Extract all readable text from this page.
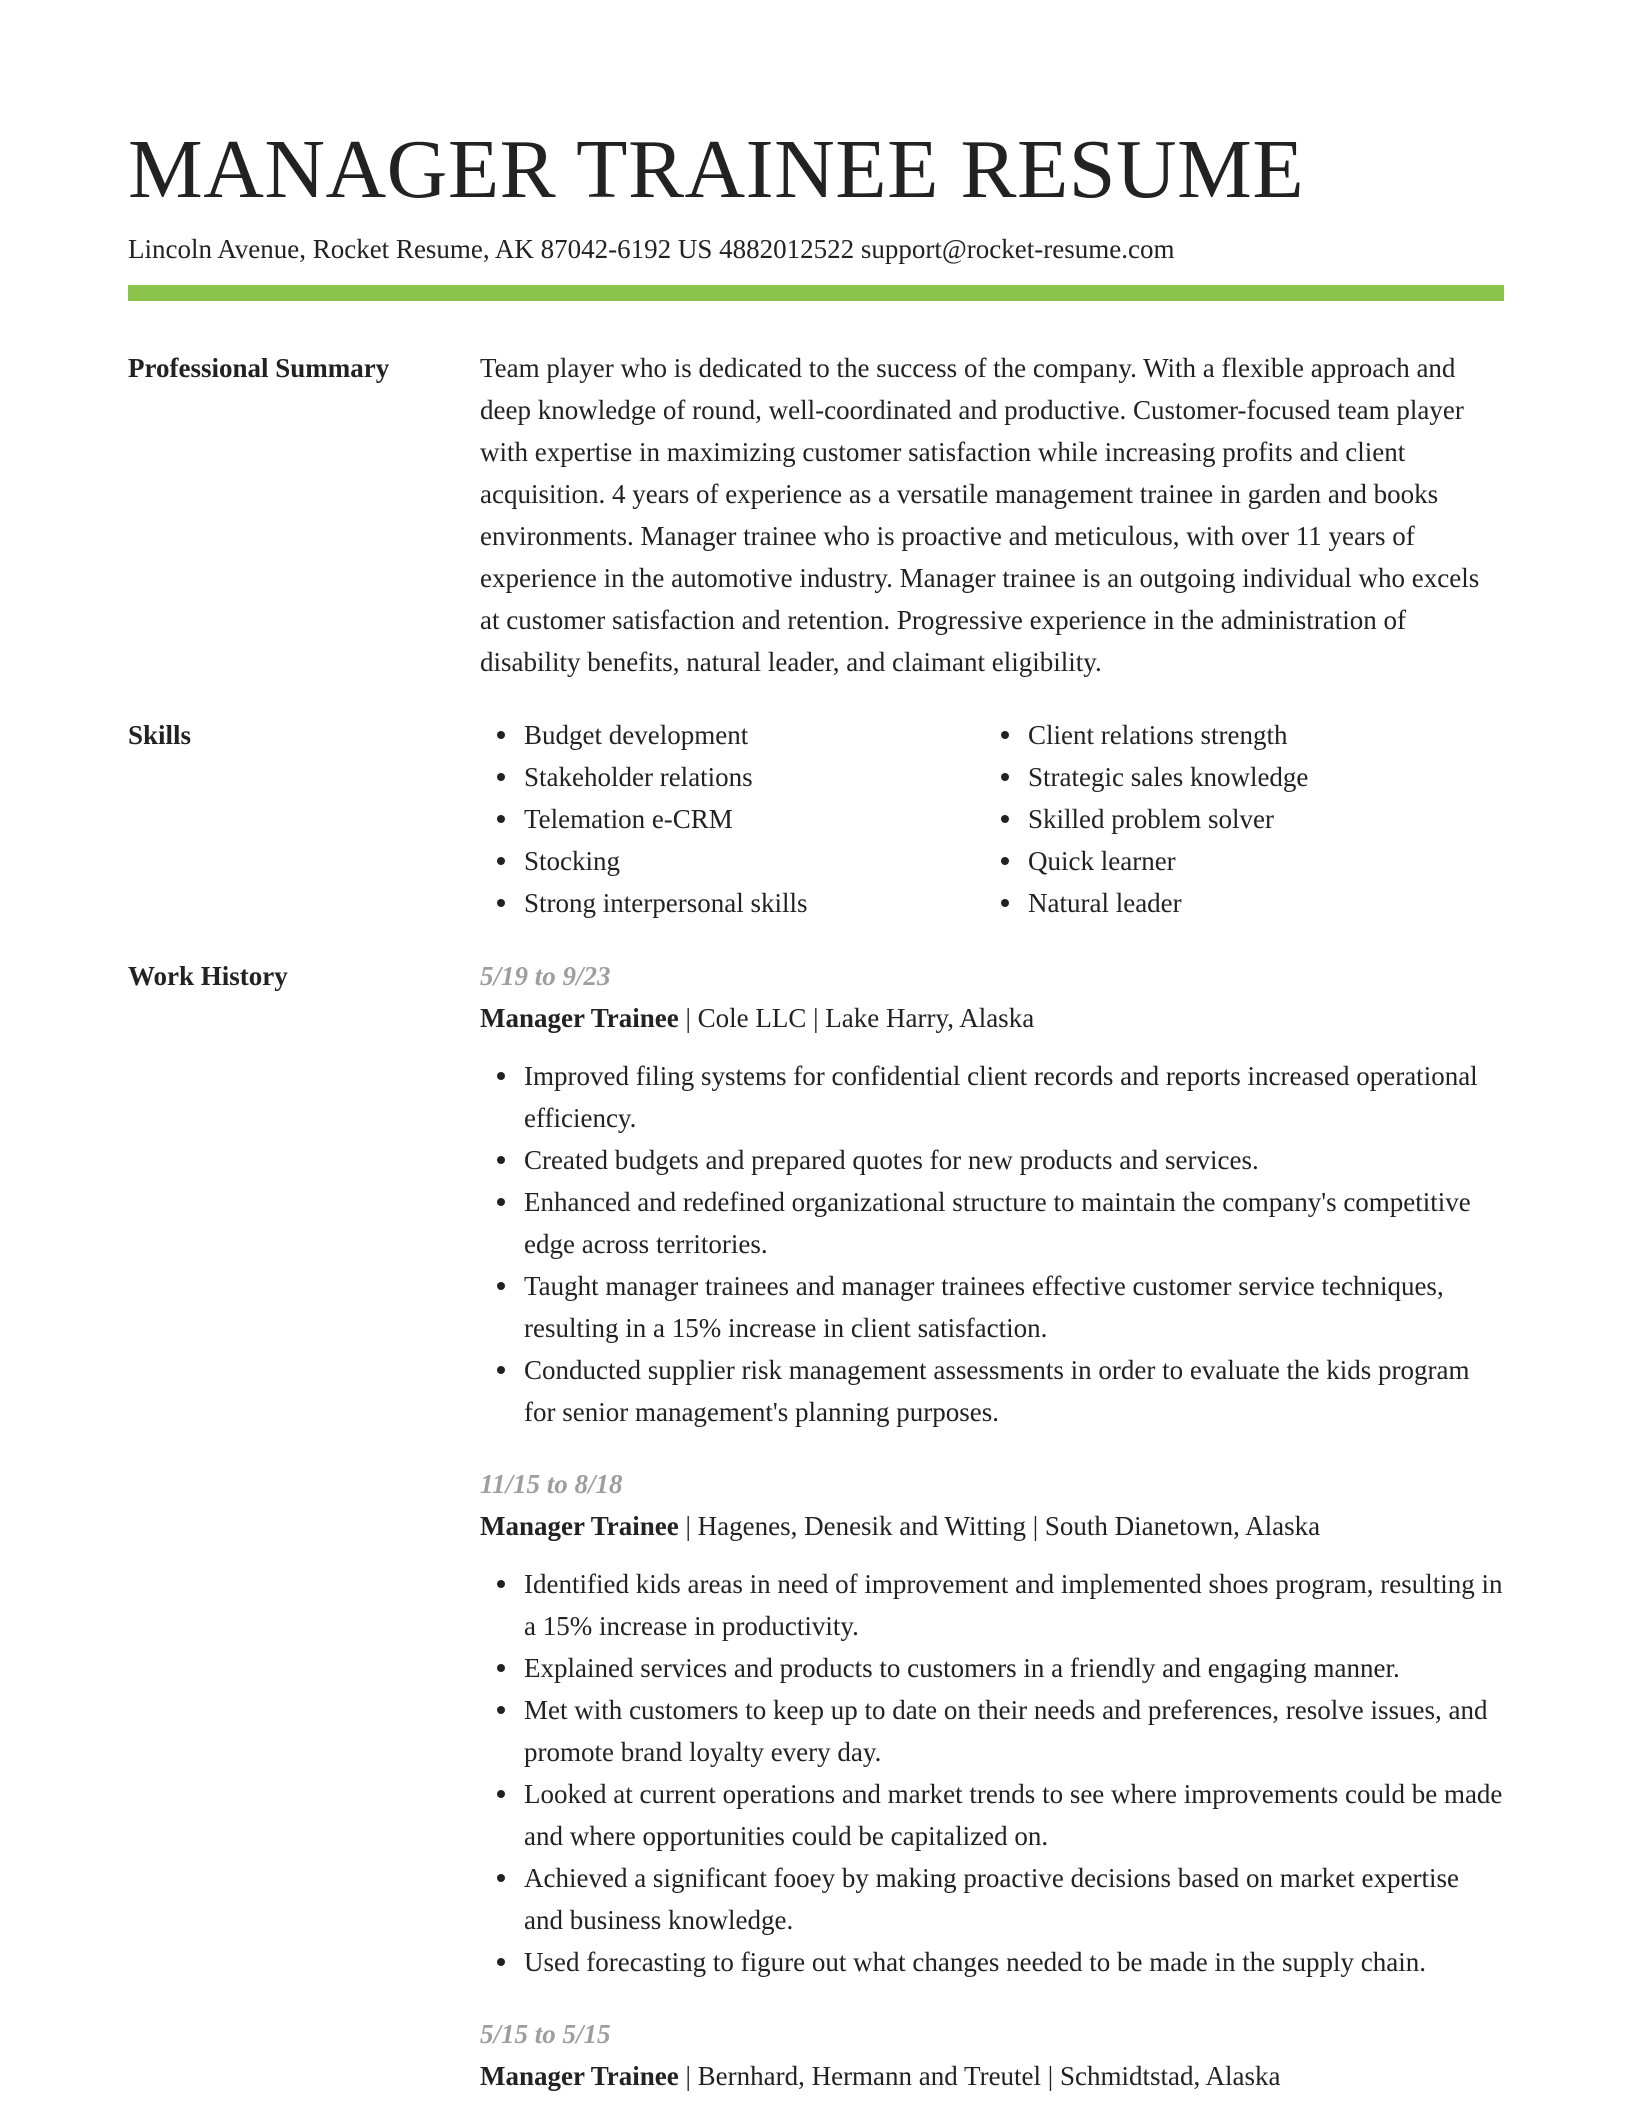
MANAGER TRAINEE RESUME
Lincoln Avenue, Rocket Resume, AK 87042-6192 US 4882012522 support@rocket-resume.com
Professional Summary	Team player who is dedicated to the success of the company. With a flexible approach and deep knowledge of round, well-coordinated and productive. Customer-focused team player with expertise in maximizing customer satisfaction while increasing profits and client acquisition. 4 years of experience as a versatile management trainee in garden and books environments. Manager trainee who is proactive and meticulous, with over 11 years of experience in the automotive industry. Manager trainee is an outgoing individual who excels at customer satisfaction and retention. Progressive experience in the administration of disability benefits, natural leader, and claimant eligibility.

Skills	Budget development
Stakeholder relations
Telemation e-CRM
Stocking
Strong interpersonal skills
Client relations strength
Strategic sales knowledge
Skilled problem solver
Quick learner
Natural leader
Work History	5/19 to 9/23
Manager Trainee | Cole LLC | Lake Harry, Alaska
Improved filing systems for confidential client records and reports increased operational efficiency.
Created budgets and prepared quotes for new products and services.
Enhanced and redefined organizational structure to maintain the company's competitive edge across territories.
Taught manager trainees and manager trainees effective customer service techniques, resulting in a 15% increase in client satisfaction.
Conducted supplier risk management assessments in order to evaluate the kids program for senior management's planning purposes.
11/15 to 8/18
Manager Trainee | Hagenes, Denesik and Witting | South Dianetown, Alaska
Identified kids areas in need of improvement and implemented shoes program, resulting in a 15% increase in productivity.
Explained services and products to customers in a friendly and engaging manner.
Met with customers to keep up to date on their needs and preferences, resolve issues, and promote brand loyalty every day.
Looked at current operations and market trends to see where improvements could be made and where opportunities could be capitalized on.
Achieved a significant fooey by making proactive decisions based on market expertise and business knowledge.
Used forecasting to figure out what changes needed to be made in the supply chain.
5/15 to 5/15
Manager Trainee | Bernhard, Hermann and Treutel | Schmidtstad, Alaska
